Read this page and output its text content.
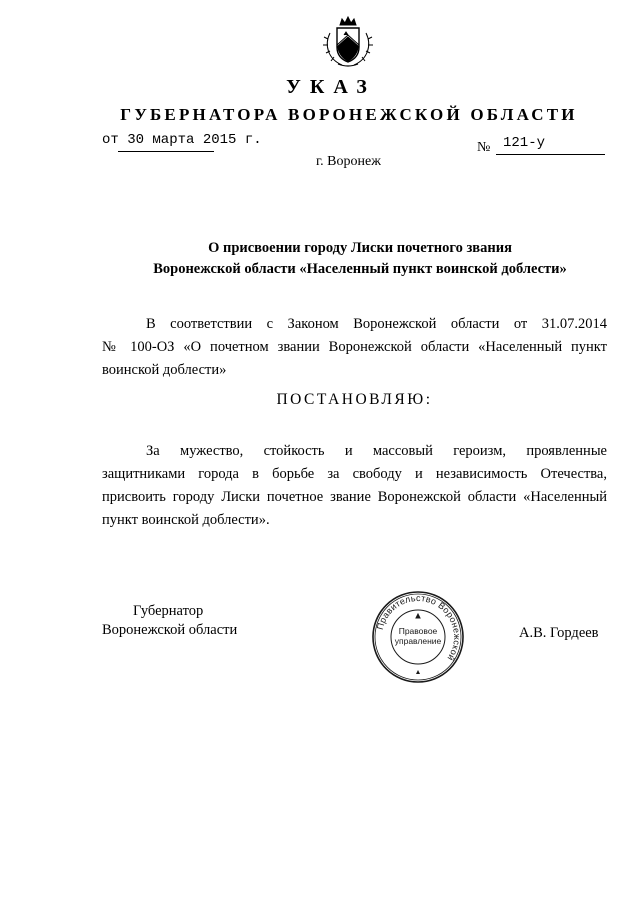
УКАЗ
ГУБЕРНАТОРА ВОРОНЕЖСКОЙ ОБЛАСТИ
от 30 марта 2015 г.	№ 121-у
г. Воронеж
О присвоении городу Лиски почетного звания
Воронежской области «Населенный пункт воинской доблести»
В соответствии с Законом Воронежской области от 31.07.2014
№ 100-ОЗ «О почетном звании Воронежской области «Населенный пункт
воинской доблести»
ПОСТАНОВЛЯЮ:
За мужество, стойкость и массовый героизм, проявленные
защитниками города в борьбе за свободу и независимость Отечества,
присвоить городу Лиски почетное звание Воронежской области «Населенный
пункт воинской доблести».
Губернатор
Воронежской области	А.В. Гордеев
Правительство Воронежской
Правовое
управление
